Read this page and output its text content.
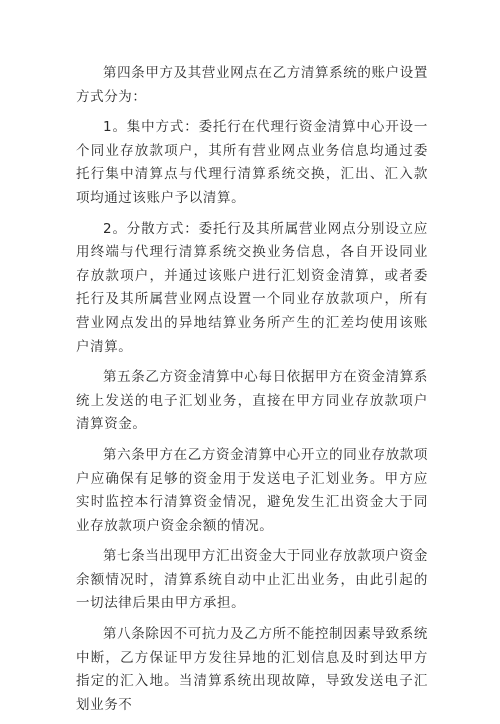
第四条甲方及其营业网点在乙方清算系统的账户设置方式分为：

1。集中方式：委托行在代理行资金清算中心开设一个同业存放款项户，其所有营业网点业务信息均通过委托行集中清算点与代理行清算系统交换，汇出、汇入款项均通过该账户予以清算。

2。分散方式：委托行及其所属营业网点分别设立应用终端与代理行清算系统交换业务信息，各自开设同业存放款项户，并通过该账户进行汇划资金清算，或者委托行及其所属营业网点设置一个同业存放款项户，所有营业网点发出的异地结算业务所产生的汇差均使用该账户清算。

第五条乙方资金清算中心每日依据甲方在资金清算系统上发送的电子汇划业务，直接在甲方同业存放款项户清算资金。

第六条甲方在乙方资金清算中心开立的同业存放款项户应确保有足够的资金用于发送电子汇划业务。甲方应实时监控本行清算资金情况，避免发生汇出资金大于同业存放款项户资金余额的情况。

第七条当出现甲方汇出资金大于同业存放款项户资金余额情况时，清算系统自动中止汇出业务，由此引起的一切法律后果由甲方承担。

第八条除因不可抗力及乙方所不能控制因素导致系统中断，乙方保证甲方发往异地的汇划信息及时到达甲方指定的汇入地。当清算系统出现故障，导致发送电子汇划业务不
